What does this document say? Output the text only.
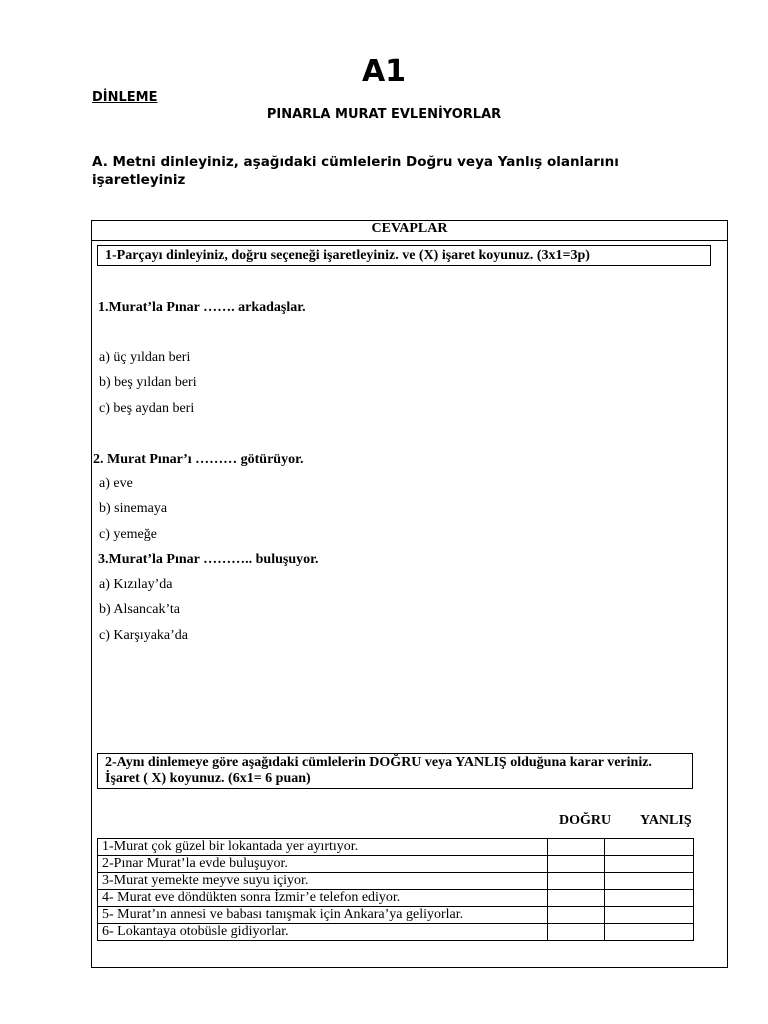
A1
DİNLEME
PINARLA MURAT EVLENİYORLAR
A. Metni dinleyiniz, aşağıdaki cümlelerin Doğru veya Yanlış olanlarını işaretleyiniz
CEVAPLAR
1-Parçayı dinleyiniz, doğru seçeneği işaretleyiniz. ve (X) işaret koyunuz. (3x1=3p)
1.Murat’la Pınar ……. arkadaşlar.
a) üç yıldan beri
b) beş yıldan beri
c) beş aydan beri
2. Murat Pınar’ı ……… götürüyor.
a) eve
b) sinemaya
c) yemeğe
3.Murat’la Pınar ……….. buluşuyor.
a) Kızılay’da
b) Alsancak’ta
c) Karşıyaka’da
2-Aynı dinlemeye göre aşağıdaki cümlelerin DOĞRU veya YANLIŞ olduğuna karar veriniz. İşaret ( X) koyunuz. (6x1= 6 puan)
DOĞRU YANLIŞ
1-Murat çok güzel bir lokantada yer ayırtıyor.		
2-Pınar Murat’la evde buluşuyor.		
3-Murat yemekte meyve suyu içiyor.		
4- Murat eve döndükten sonra İzmir’e telefon ediyor.		
5- Murat’ın annesi ve babası tanışmak için Ankara’ya geliyorlar.		
6- Lokantaya otobüsle gidiyorlar.		
